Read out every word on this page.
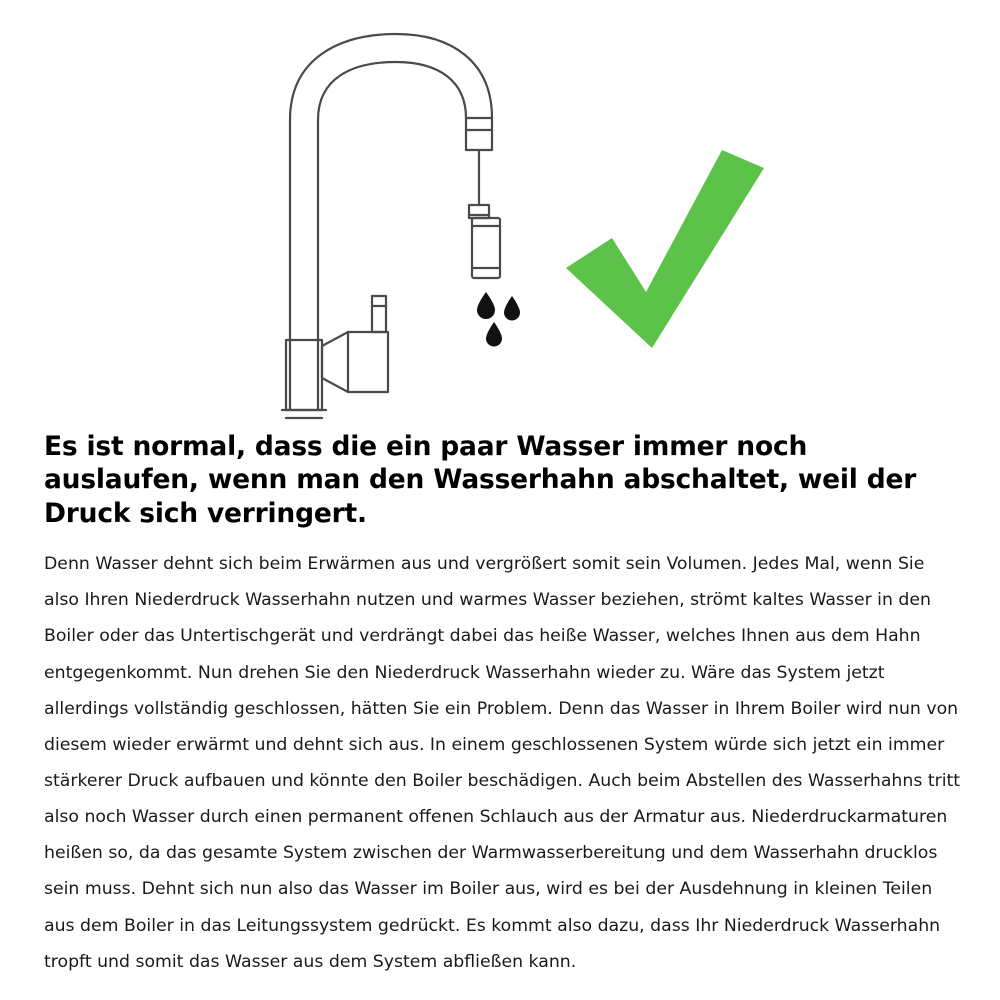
Es ist normal, dass die ein paar Wasser immer noch auslaufen, wenn man den Wasserhahn abschaltet, weil der Druck sich verringert.

Denn Wasser dehnt sich beim Erwärmen aus und vergrößert somit sein Volumen. Jedes Mal, wenn Sie also Ihren Niederdruck Wasserhahn nutzen und warmes Wasser beziehen, strömt kaltes Wasser in den Boiler oder das Untertischgerät und verdrängt dabei das heiße Wasser, welches Ihnen aus dem Hahn entgegenkommt. Nun drehen Sie den Niederdruck Wasserhahn wieder zu. Wäre das System jetzt allerdings vollständig geschlossen, hätten Sie ein Problem. Denn das Wasser in Ihrem Boiler wird nun von diesem wieder erwärmt und dehnt sich aus. In einem geschlossenen System würde sich jetzt ein immer stärkerer Druck aufbauen und könnte den Boiler beschädigen. Auch beim Abstellen des Wasserhahns tritt also noch Wasser durch einen permanent offenen Schlauch aus der Armatur aus. Niederdruckarmaturen heißen so, da das gesamte System zwischen der Warmwasserbereitung und dem Wasserhahn drucklos sein muss. Dehnt sich nun also das Wasser im Boiler aus, wird es bei der Ausdehnung in kleinen Teilen aus dem Boiler in das Leitungssystem gedrückt. Es kommt also dazu, dass Ihr Niederdruck Wasserhahn tropft und somit das Wasser aus dem System abfließen kann.
